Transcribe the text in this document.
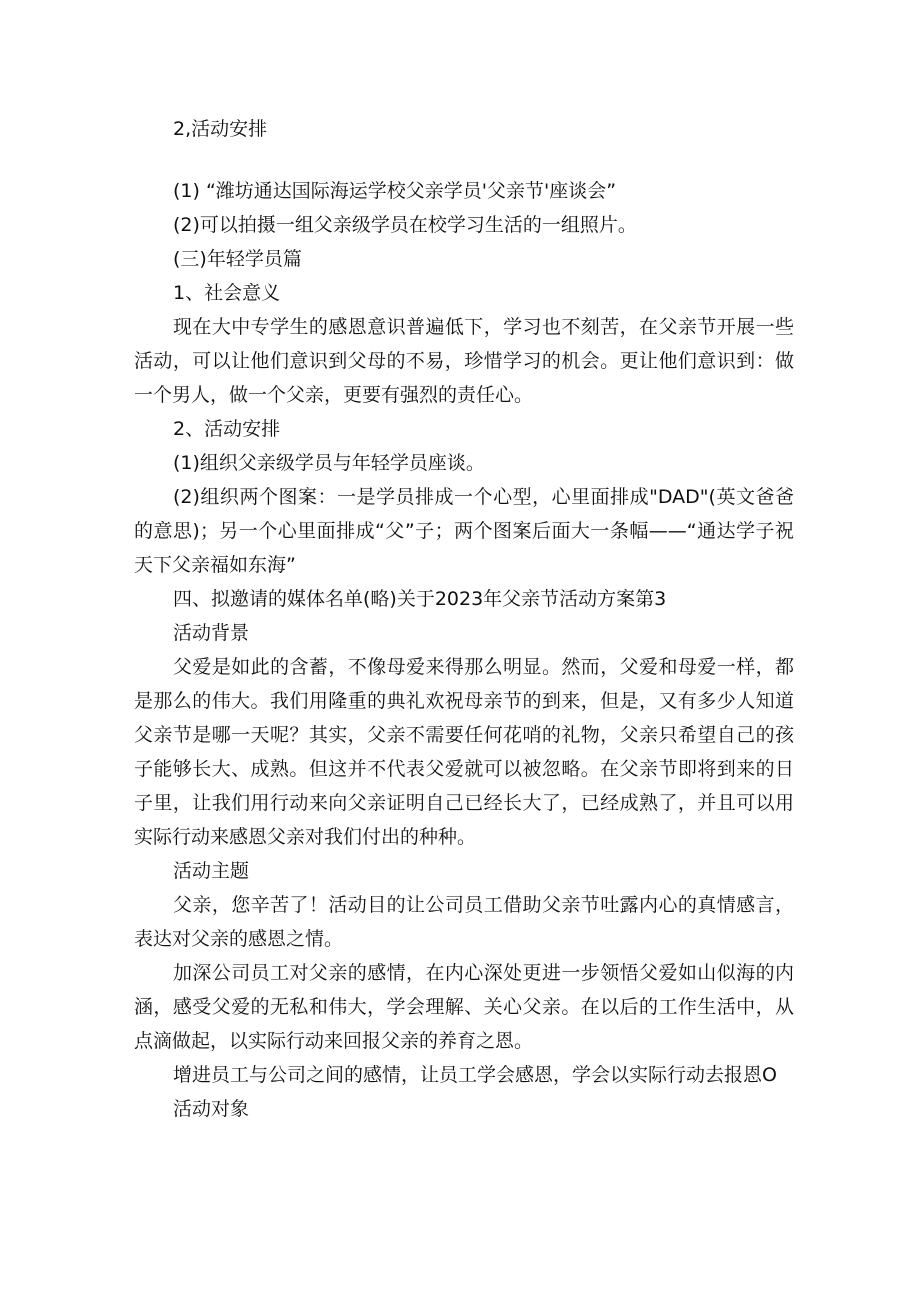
2,活动安排

(1) “潍坊通达国际海运学校父亲学员'父亲节'座谈会”

(2)可以拍摄一组父亲级学员在校学习生活的一组照片。

(三)年轻学员篇

1、社会意义

现在大中专学生的感恩意识普遍低下，学习也不刻苦，在父亲节开展一些活动，可以让他们意识到父母的不易，珍惜学习的机会。更让他们意识到：做一个男人，做一个父亲，更要有强烈的责任心。

2、活动安排

(1)组织父亲级学员与年轻学员座谈。

(2)组织两个图案：一是学员排成一个心型，心里面排成"DAD"(英文爸爸的意思)；另一个心里面排成“父”子；两个图案后面大一条幅——“通达学子祝天下父亲福如东海”

四、拟邀请的媒体名单(略)关于2023年父亲节活动方案第3

活动背景

父爱是如此的含蓄，不像母爱来得那么明显。然而，父爱和母爱一样，都是那么的伟大。我们用隆重的典礼欢祝母亲节的到来，但是，又有多少人知道父亲节是哪一天呢？其实，父亲不需要任何花哨的礼物，父亲只希望自己的孩子能够长大、成熟。但这并不代表父爱就可以被忽略。在父亲节即将到来的日子里，让我们用行动来向父亲证明自己已经长大了，已经成熟了，并且可以用实际行动来感恩父亲对我们付出的种种。

活动主题

父亲，您辛苦了！活动目的让公司员工借助父亲节吐露内心的真情感言，表达对父亲的感恩之情。

加深公司员工对父亲的感情，在内心深处更进一步领悟父爱如山似海的内涵，感受父爱的无私和伟大，学会理解、关心父亲。在以后的工作生活中，从点滴做起，以实际行动来回报父亲的养育之恩。

增进员工与公司之间的感情，让员工学会感恩，学会以实际行动去报恩O

活动对象
